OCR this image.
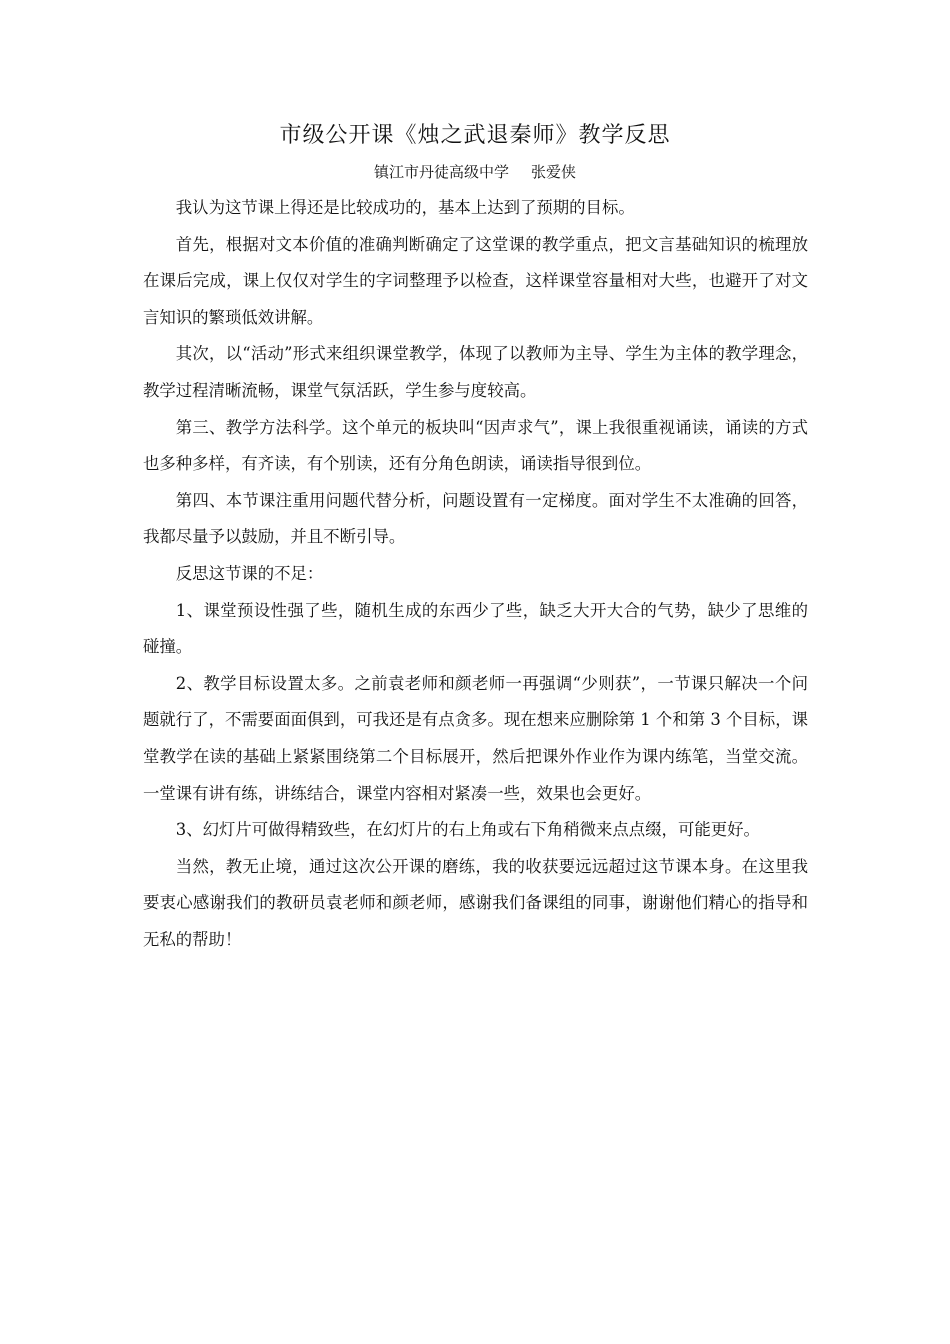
市级公开课《烛之武退秦师》教学反思

镇江市丹徒高级中学 张爱侠

我认为这节课上得还是比较成功的，基本上达到了预期的目标。

首先，根据对文本价值的准确判断确定了这堂课的教学重点，把文言基础知识的梳理放在课后完成，课上仅仅对学生的字词整理予以检查，这样课堂容量相对大些，也避开了对文言知识的繁琐低效讲解。

其次，以“活动”形式来组织课堂教学，体现了以教师为主导、学生为主体的教学理念，教学过程清晰流畅，课堂气氛活跃，学生参与度较高。

第三、教学方法科学。这个单元的板块叫“因声求气”，课上我很重视诵读，诵读的方式也多种多样，有齐读，有个别读，还有分角色朗读，诵读指导很到位。

第四、本节课注重用问题代替分析，问题设置有一定梯度。面对学生不太准确的回答，我都尽量予以鼓励，并且不断引导。

反思这节课的不足：

1、课堂预设性强了些，随机生成的东西少了些，缺乏大开大合的气势，缺少了思维的碰撞。

2、教学目标设置太多。之前袁老师和颜老师一再强调“少则获”，一节课只解决一个问题就行了，不需要面面俱到，可我还是有点贪多。现在想来应删除第 1 个和第 3 个目标，课堂教学在读的基础上紧紧围绕第二个目标展开，然后把课外作业作为课内练笔，当堂交流。一堂课有讲有练，讲练结合，课堂内容相对紧凑一些，效果也会更好。

3、幻灯片可做得精致些，在幻灯片的右上角或右下角稍微来点点缀，可能更好。

当然，教无止境，通过这次公开课的磨练，我的收获要远远超过这节课本身。在这里我要衷心感谢我们的教研员袁老师和颜老师，感谢我们备课组的同事，谢谢他们精心的指导和无私的帮助！
